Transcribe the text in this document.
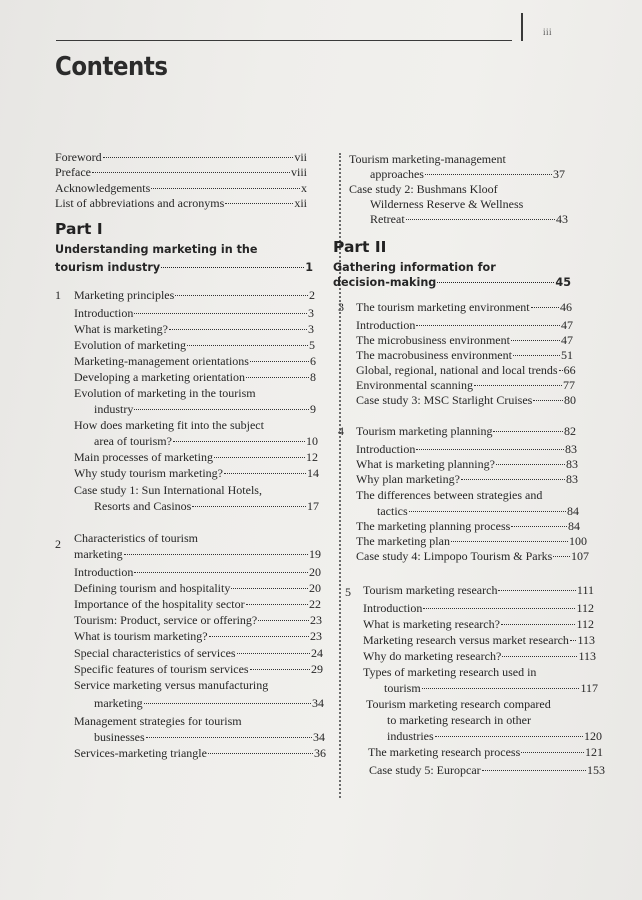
iii
Contents
Foreword	vii
Preface	viii
Acknowledgements	x
List of abbreviations and acronyms	xii
Part I
Understanding marketing in the
tourism industry	1
1 Marketing principles	2
Introduction	3
What is marketing?	3
Evolution of marketing	5
Marketing-management orientations	6
Developing a marketing orientation	8
Evolution of marketing in the tourism
industry	9
How does marketing fit into the subject
area of tourism?	10
Main processes of marketing	12
Why study tourism marketing?	14
Case study 1: Sun International Hotels,
Resorts and Casinos	17
2 Characteristics of tourism
marketing	19
Introduction	20
Defining tourism and hospitality	20
Importance of the hospitality sector	22
Tourism: Product, service or offering?	23
What is tourism marketing?	23
Special characteristics of services	24
Specific features of tourism services	29
Service marketing versus manufacturing
marketing	34
Management strategies for tourism
businesses	34
Services-marketing triangle	36
Tourism marketing-management
approaches	37
Case study 2: Bushmans Kloof
Wilderness Reserve & Wellness
Retreat	43
Part II
Gathering information for
decision-making	45
3 The tourism marketing environment	46
Introduction	47
The microbusiness environment	47
The macrobusiness environment	51
Global, regional, national and local trends 66
Environmental scanning	77
Case study 3: MSC Starlight Cruises	80
4 Tourism marketing planning	82
Introduction	83
What is marketing planning?	83
Why plan marketing?	83
The differences between strategies and
tactics	84
The marketing planning process	84
The marketing plan	100
Case study 4: Limpopo Tourism & Parks 107
5 Tourism marketing research	111
Introduction	112
What is marketing research?	112
Marketing research versus market research 113
Why do marketing research?	113
Types of marketing research used in
tourism	117
Tourism marketing research compared
to marketing research in other
industries	120
The marketing research process	121
Case study 5: Europcar	153
